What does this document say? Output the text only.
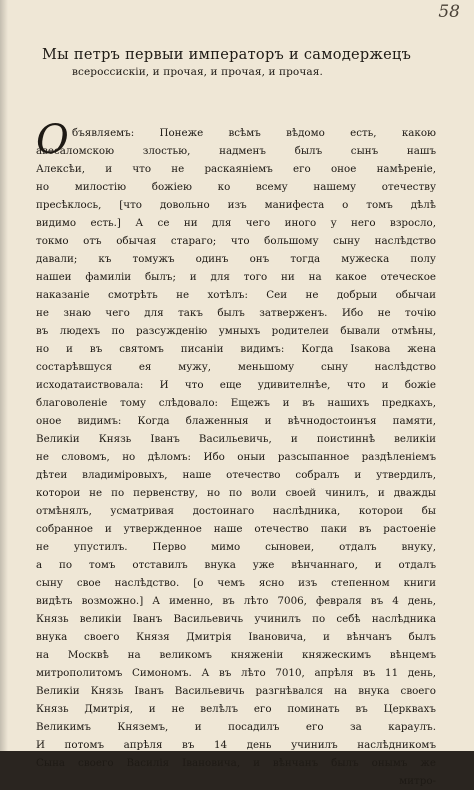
58
Мы петръ первыи императоръ и самодержецъ
всероссискіи, и прочая, и прочая, и прочая.
О бъявляемъ: Понеже всѣмъ вѣдомо есть, какою
авесаломскою злостью, надменъ былъ сынъ нашъ
Алексѣи, и что не раскаяніемъ его оное намѣреніе,
но милостію божіею ко всему нашему отечеству
пресѣклось, [что довольно изъ манифеста о томъ дѣлѣ
видимо есть.] А се ни для чего иного у него взросло,
токмо отъ обычая стараго; что большому сыну наслѣдство
давали; къ томужъ одинъ онъ тогда мужеска полу
нашеи фамиліи былъ; и для того ни на какое отеческое
наказаніе смотрѣть не хотѣлъ: Сеи не добрыи обычаи
не знаю чего для такъ былъ затверженъ. Ибо не точію
въ людехъ по разсужденію умныхъ родителеи бывали отмѣны,
но и въ святомъ писаніи видимъ: Когда Isакова жена
состарѣвшуся ея мужу, меньшому сыну наслѣдство
исходатаиствовала: И что еще удивителнѣе, что и божіе
благоволеніе тому слѣдовало: Ещежъ и въ нашихъ предкахъ,
оное видимъ: Когда блаженныя и вѣчнодостоинъя памяти,
Великіи Князь Iванъ Васильевичь, и поистиннѣ великіи
не словомъ, но дѣломъ: Ибо оныи разсыпанное раздѣленіемъ
дѣтеи владиміровыхъ, наше отечество собралъ и утвердилъ,
которои не по первенству, но по воли своей чинилъ, и дважды
отмѣнялъ, усматривая достоинаго наслѣдника, которои бы
собранное и утвержденное наше отечество паки въ растоеніе
не упустилъ. Перво мимо сыновеи, отдалъ внуку,
а по томъ отставилъ внука уже вѣнчаннаго, и отдалъ
сыну свое наслѣдство. [о чемъ ясно изъ степенном книги
видѣть возможно.] А именно, въ лѣто 7006, февраля въ 4 день,
Князь великіи Iванъ Васильевичь учинилъ по себѣ наслѣдника
внука своего Князя Дмитрія Iвановича, и вѣнчанъ былъ
на Москвѣ на великомъ княженіи княжескимъ вѣнцемъ
митрополитомъ Симономъ. А въ лѣто 7010, апрѣля въ 11 день,
Великіи Князь Iванъ Васильевичь разгнѣвался на внука своего
Князь Дмитрія, и не велѣлъ его поминать въ Церквахъ
Великимъ Княземъ, и посадилъ его за караулъ.
И потомъ апрѣля въ 14 день учинилъ наслѣдникомъ
Сына своего Василія Iвановича, и вѣнчанъ былъ онымъ же
митро-
